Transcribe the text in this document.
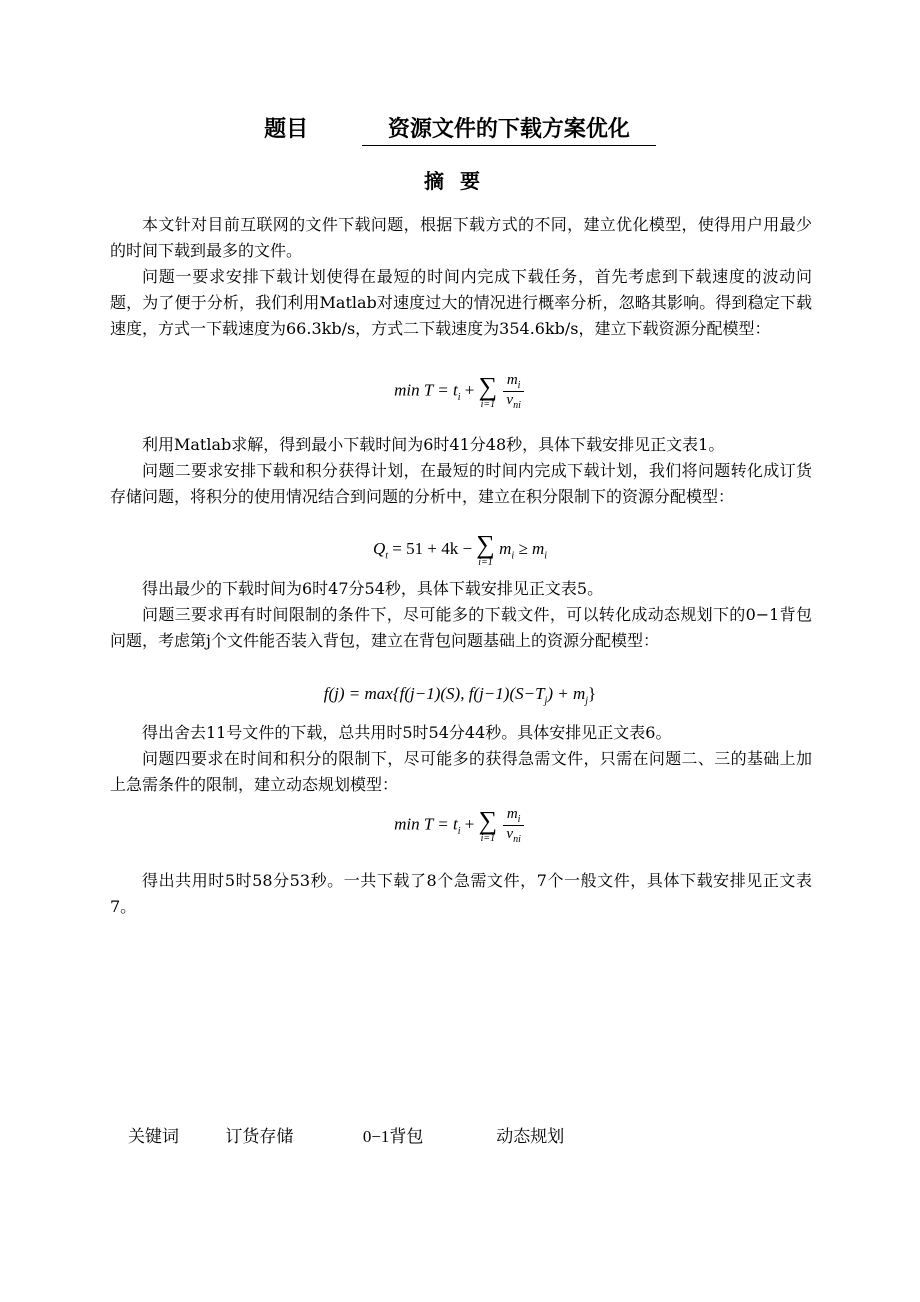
题目	资源文件的下载方案优化
摘要

本文针对目前互联网的文件下载问题，根据下载方式的不同，建立优化模型，使得用户用最少的时间下载到最多的文件。

问题一要求安排下载计划使得在最短的时间内完成下载任务，首先考虑到下载速度的波动问题，为了便于分析，我们利用Matlab对速度过大的情况进行概率分析，忽略其影响。得到稳定下载速度，方式一下载速度为66.3kb/s，方式二下载速度为354.6kb/s，建立下载资源分配模型：

$\min T = t_i$ + ∑
i=1
$\frac{m_i}{v_{ni}}$

利用Matlab求解，得到最小下载时间为6时41分48秒，具体下载安排见正文表1。

问题二要求安排下载和积分获得计划，在最短的时间内完成下载计划，我们将问题转化成订货存储问题，将积分的使用情况结合到问题的分析中，建立在积分限制下的资源分配模型：

$Q_t = 51 + 4k$ − ∑
i=1
$m_i \ge m_i$

得出最少的下载时间为6时47分54秒，具体下载安排见正文表5。

问题三要求再有时间限制的条件下，尽可能多的下载文件，可以转化成动态规划下的0−1背包问题，考虑第j个文件能否装入背包，建立在背包问题基础上的资源分配模型：

f(j) = max{f(j−1)(S), $f(j-1)(S-T_j) + m_j$}

得出舍去11号文件的下载，总共用时5时54分44秒。具体安排见正文表6。

问题四要求在时间和积分的限制下，尽可能多的获得急需文件，只需在问题二、三的基础上加上急需条件的限制，建立动态规划模型：

$\min T = t_i$ + ∑
i=1
$\frac{m_i}{v_{ni}}$

得出共用时5时58分53秒。一共下载了8个急需文件，7个一般文件，具体下载安排见正文表7。

关键词	订货存储	0−1背包	动态规划
